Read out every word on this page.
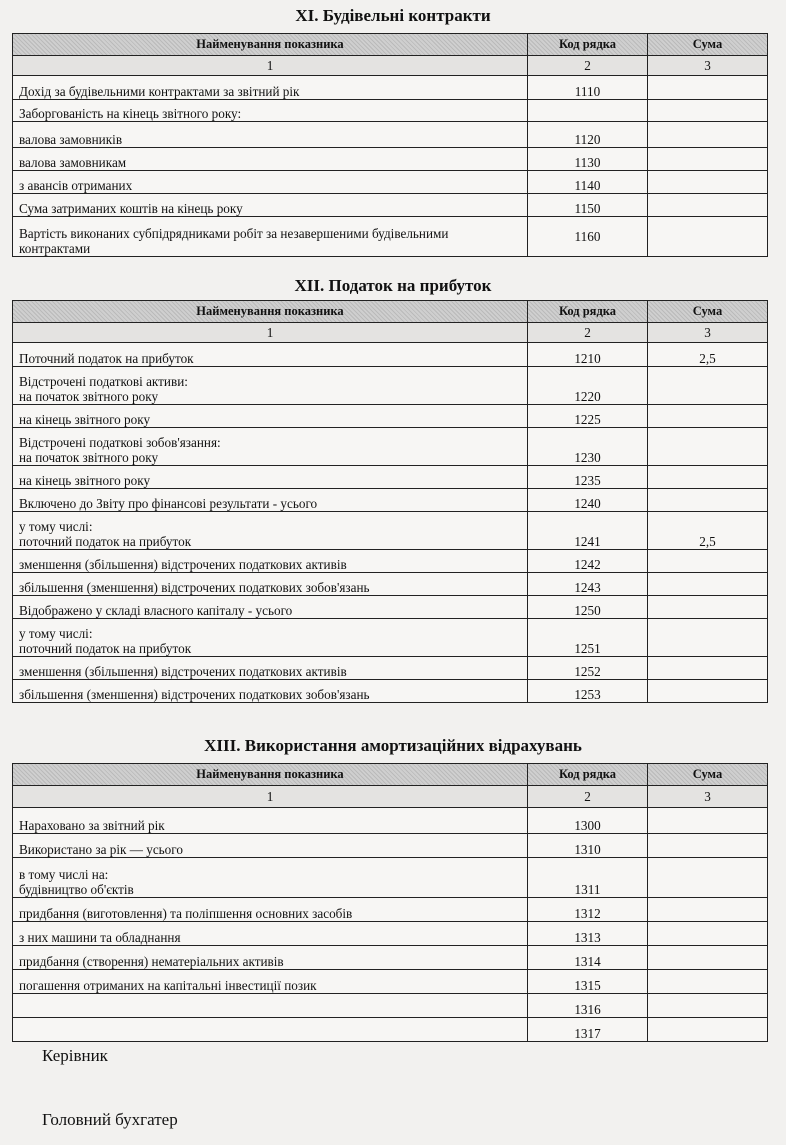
XI. Будівельні контракти
Найменування показника	Код рядка	Сума
1	2	3
Дохід за будівельними контрактами за звітний рік	1110	
Заборгованість на кінець звітного року:		
валова замовників	1120	
валова замовникам	1130	
з авансів отриманих	1140	
Сума затриманих коштів на кінець року	1150	
Вартість виконаних субпідрядниками робіт за незавершеними будівельними контрактами	1160	
XII. Податок на прибуток
Найменування показника	Код рядка	Сума
1	2	3
Поточний податок на прибуток	1210	2,5

Відстрочені податкові активи:
на початок звітного року	1220	
на кінець звітного року	1225	

Відстрочені податкові зобов'язання:
на початок звітного року	1230	
на кінець звітного року	1235	
Включено до Звіту про фінансові результати - усього	1240	

у тому числі:
поточний податок на прибуток	1241	2,5
зменшення (збільшення) відстрочених податкових активів	1242	
збільшення (зменшення) відстрочених податкових зобов'язань	1243	
Відображено у складі власного капіталу - усього	1250	

у тому числі:
поточний податок на прибуток	1251	
зменшення (збільшення) відстрочених податкових активів	1252	
збільшення (зменшення) відстрочених податкових зобов'язань	1253	
XIII. Використання амортизаційних відрахувань
Найменування показника	Код рядка	Сума
1	2	3
Нараховано за звітний рік	1300	
Використано за рік — усього	1310	

в тому числі на:
будівництво об'єктів	1311	
придбання (виготовлення) та поліпшення основних засобів	1312	
з них машини та обладнання	1313	
придбання (створення) нематеріальних активів	1314	
погашення отриманих на капітальні інвестиції позик	1315	
	1316	
	1317	
Керівник
Головний бухгатер
